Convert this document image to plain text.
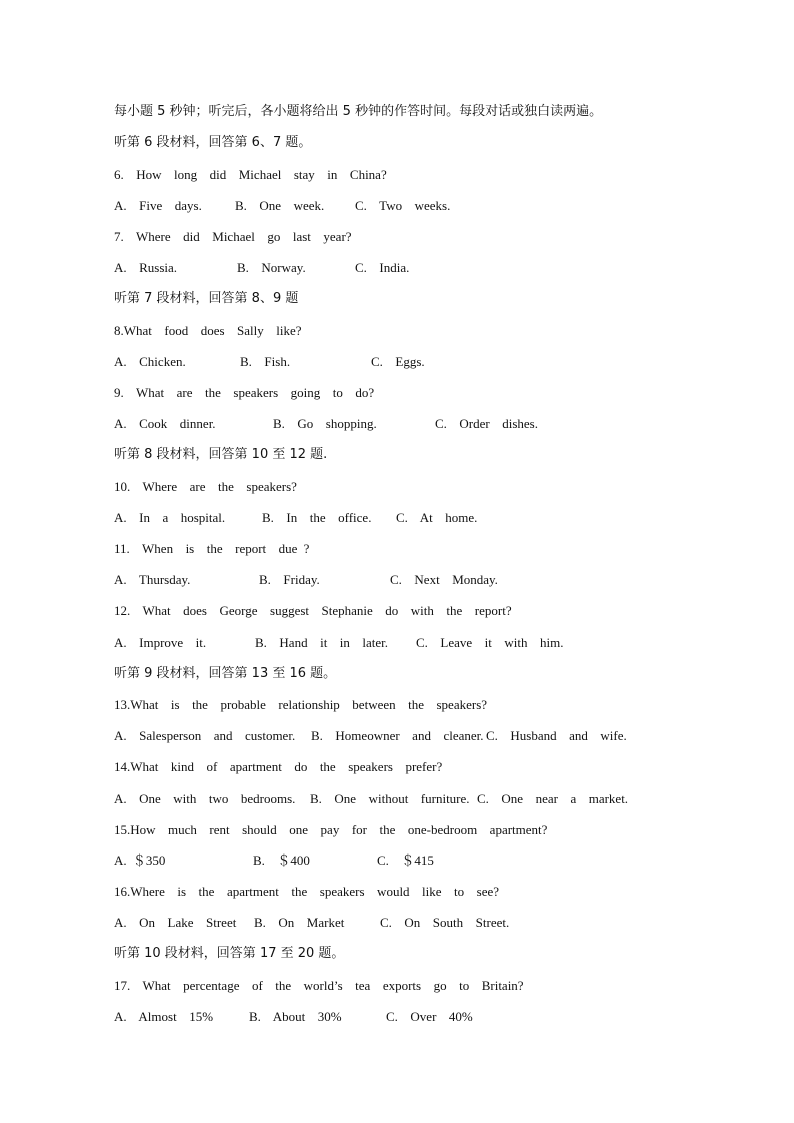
每小题 5 秒钟；听完后，各小题将给出 5 秒钟的作答时间。每段对话或独白读两遍。
听第 6 段材料，回答第 6、7 题。
6.  How  long  did  Michael  stay  in  China?
A.  Five  days.	B.  One  week. C.  Two  weeks.
7.  Where  did  Michael  go  last  year?
A.  Russia.	B.  Norway.	C.  India.
听第 7 段材料，回答第 8、9 题
8.What  food  does  Sally  like?
A.  Chicken.	B.  Fish.	C.  Eggs.
9.  What  are  the  speakers  going  to  do?
A.  Cook  dinner.	B.  Go  shopping.	C.  Order  dishes.
听第 8 段材料，回答第 10 至 12 题.
10.  Where  are  the  speakers?
A.  In  a  hospital.	B.  In  the  office. C.  At  home.
11.  When  is  the  report  due ?
A.  Thursday.	B.  Friday.	C.  Next  Monday.
12.  What  does  George  suggest  Stephanie  do  with  the  report?
A.  Improve  it.	B.  Hand  it  in  later. C.  Leave  it  with  him.
听第 9 段材料，回答第 13 至 16 题。
13.What  is  the  probable  relationship  between  the  speakers?
A.  Salesperson  and  customer. B.  Homeowner  and  cleaner. C.  Husband  and  wife.
14.What  kind  of  apartment  do  the  speakers  prefer?
A.  One  with  two  bedrooms. B.  One  without  furniture. C.  One  near  a  market.
15.How  much  rent  should  one  pay  for  the  one-bedroom  apartment?
A. ＄350	B.  ＄400	C.  ＄415
16.Where  is  the  apartment  the  speakers  would  like  to  see?
A.  On  Lake  Street B.  On  Market	C.  On  South  Street.
听第 10 段材料，回答第 17 至 20 题。
17.  What  percentage  of  the  world’s  tea  exports  go  to  Britain?
A.  Almost  15%	B.  About  30%	C.  Over  40%
